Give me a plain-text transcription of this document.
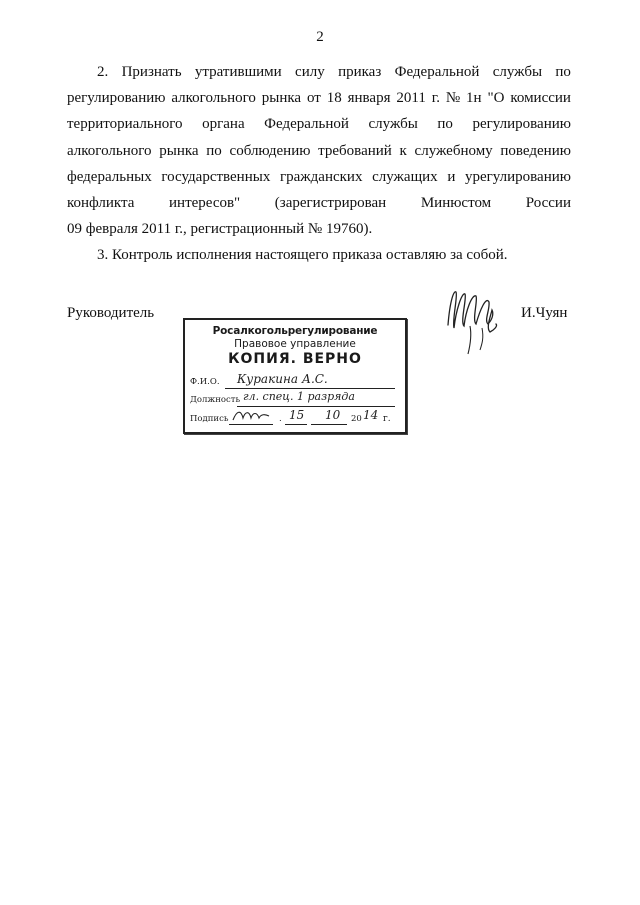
2
2. Признать утратившими силу приказ Федеральной службы по
регулированию алкогольного рынка от 18 января 2011 г. № 1н "О комиссии
территориального органа Федеральной службы по регулированию
алкогольного рынка по соблюдению требований к служебному поведению
федеральных государственных гражданских служащих и урегулированию
конфликта интересов" (зарегистрирован Минюстом России
09 февраля 2011 г., регистрационный № 19760).
3. Контроль исполнения настоящего приказа оставляю за собой.
Руководитель	И.Чуян
Росалкогольрегулирование
Правовое управление
КОПИЯ. ВЕРНО
Ф.И.О. Куракина А.С.
Должность гл. спец. 1 разряда
Подпись	. 15 10 20 14 г.
